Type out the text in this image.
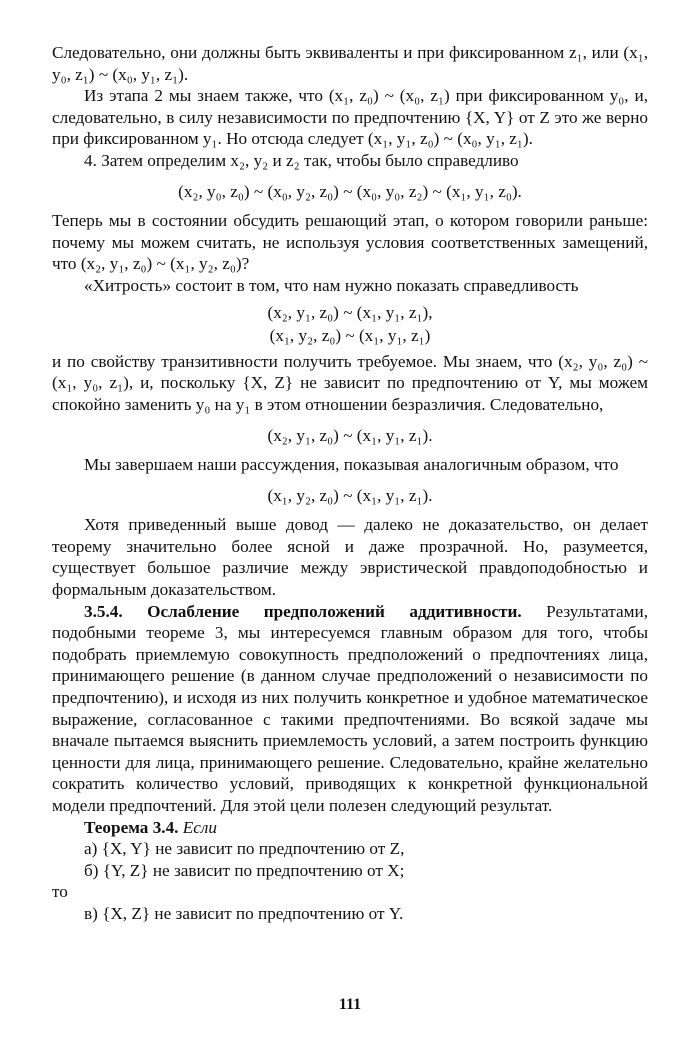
Следовательно, они должны быть эквиваленты и при фиксированном z₁, или (x₁, y₀, z₁) ~ (x₀, y₁, z₁).

Из этапа 2 мы знаем также, что (x₁, z₀) ~ (x₀, z₁) при фиксированном y₀, и, следовательно, в силу независимости по предпочтению {X, Y} от Z это же верно при фиксированном y₁. Но отсюда следует (x₁, y₁, z₀) ~ (x₀, y₁, z₁).

4. Затем определим x₂, y₂ и z₂ так, чтобы было справедливо

(x₂, y₀, z₀) ~ (x₀, y₂, z₀) ~ (x₀, y₀, z₂) ~ (x₁, y₁, z₀).

Теперь мы в состоянии обсудить решающий этап, о котором говорили раньше: почему мы можем считать, не используя условия соответственных замещений, что (x₂, y₁, z₀) ~ (x₁, y₂, z₀)?

«Хитрость» состоит в том, что нам нужно показать справедливость

(x₂, y₁, z₀) ~ (x₁, y₁, z₁),

(x₁, y₂, z₀) ~ (x₁, y₁, z₁)

и по свойству транзитивности получить требуемое. Мы знаем, что (x₂, y₀, z₀) ~ (x₁, y₀, z₁), и, поскольку {X, Z} не зависит по предпочтению от Y, мы можем спокойно заменить y₀ на y₁ в этом отношении безразличия. Следовательно,

(x₂, y₁, z₀) ~ (x₁, y₁, z₁).

Мы завершаем наши рассуждения, показывая аналогичным образом, что

(x₁, y₂, z₀) ~ (x₁, y₁, z₁).

Хотя приведенный выше довод — далеко не доказательство, он делает теорему значительно более ясной и даже прозрачной. Но, разумеется, существует большое различие между эвристической правдоподобностью и формальным доказательством.

3.5.4. Ослабление предположений аддитивности. Результатами, подобными теореме 3, мы интересуемся главным образом для того, чтобы подобрать приемлемую совокупность предположений о предпочтениях лица, принимающего решение (в данном случае предположений о независимости по предпочтению), и исходя из них получить конкретное и удобное математическое выражение, согласованное с такими предпочтениями. Во всякой задаче мы вначале пытаемся выяснить приемлемость условий, а затем построить функцию ценности для лица, принимающего решение. Следовательно, крайне желательно сократить количество условий, приводящих к конкретной функциональной модели предпочтений. Для этой цели полезен следующий результат.

Теорема 3.4. Если

а) {X, Y} не зависит по предпочтению от Z,

б) {Y, Z} не зависит по предпочтению от X;

то

в) {X, Z} не зависит по предпочтению от Y.

111
